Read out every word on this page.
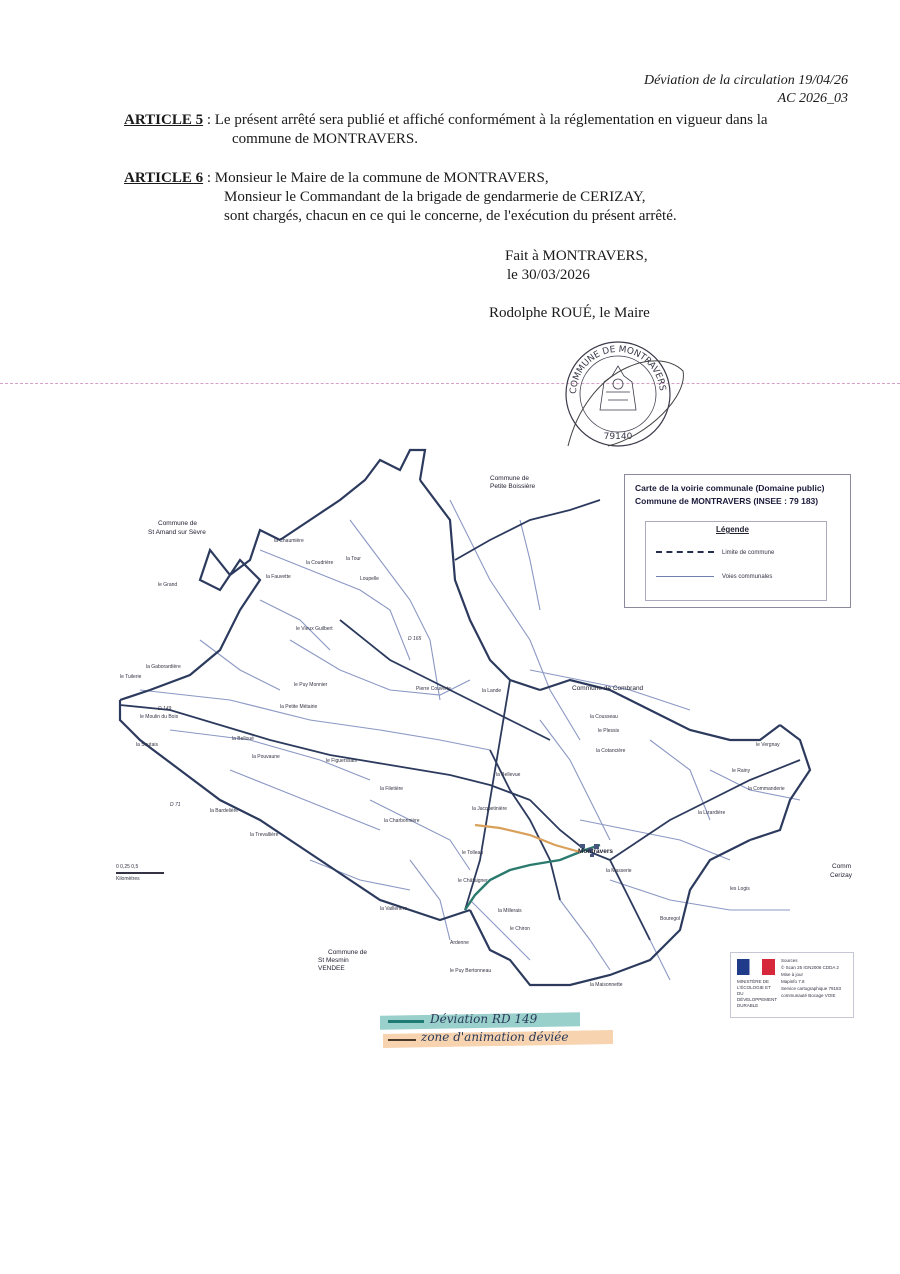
Déviation de la circulation 19/04/26
AC 2026_03
ARTICLE 5 : Le présent arrêté sera publié et affiché conformément à la réglementation en vigueur dans la
commune de MONTRAVERS.
ARTICLE 6 : Monsieur le Maire de la commune de MONTRAVERS,
Monsieur le Commandant de la brigade de gendarmerie de CERIZAY,
sont chargés, chacun en ce qui le concerne, de l'exécution du présent arrêté.
Fait à MONTRAVERS,
le 30/03/2026
Rodolphe ROUÉ, le Maire
COMMUNE DE MONTRAVERS
79140
Commune de
Petite Boissière
Commune de
St Amand sur Sèvre
Commune de Combrand
Commune de
St Mesmin
VENDEE
Comm
Cerizay
Montravers
la Coudrière
la Tour
Loupelle
le Vieux Guilbert
Pierre Couverte	la Lande
la Cousseau
la Cotancière
le Plessis
le Rainy
le Vergnay
la Commanderie
la Lizardière
la Gaborardière
le Moulin du Bois
la Soutais
la Belloué
le Puy Monnier
la Petite Métairie
le Figuerssais
la Pouvaune
la Bardelière
la Trevallière
la Filetière
la Charbonnière
le Tolleau
la Jacquetinière
la Bellevue
le Châtaigner
la Millerais
le Chiron
la Vaillerière
Ardenne
le Puy Bertonneau
la Maisonnette
Bouregol
les Logis
la Masserie
la Fauvette
la Chaumière
le Grand
le Tuilerie
D 149
D 165
D 71
Carte de la voirie communale (Domaine public)
Commune de MONTRAVERS (INSEE : 79 183)
Légende
Limite de commune
Voies communales
0 0,25 0,5
Kilomètres
MINISTÈRE DE L'ÉCOLOGIE ET DU DÉVELOPPEMENT DURABLE
Sources
© Scan 25 IGN2006 CDDA 2
Mise à jour
Mapinfo 7.8
Service cartographique 79183
communauté Bocage VOIE
Déviation RD 149
zone d'animation déviée
